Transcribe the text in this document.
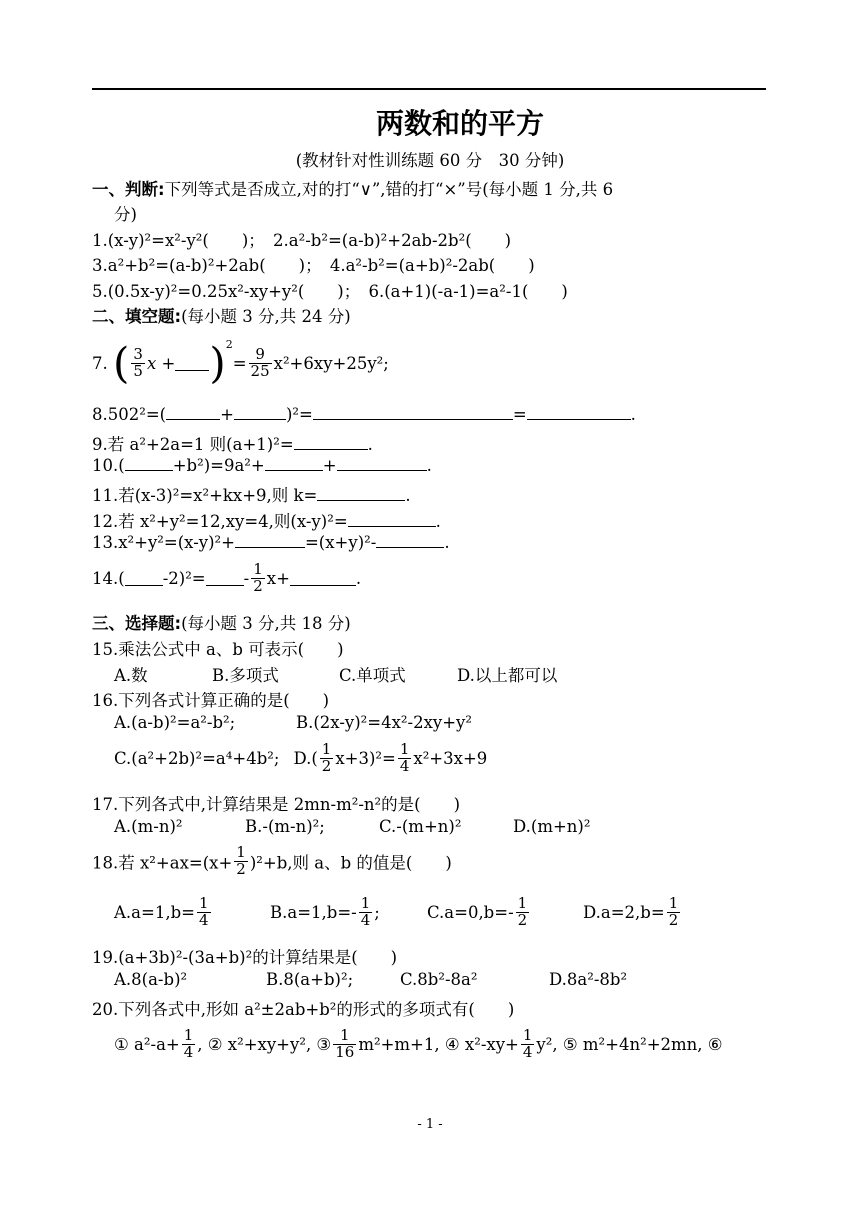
两数和的平方
(教材针对性训练题 60 分　30 分钟)
一、判断:下列等式是否成立,对的打“∨”,错的打“×”号(每小题 1 分,共 6
分)
1.(x-y)²=x²-y²(　　)；　2.a²-b²=(a-b)²+2ab-2b²(　　)
3.a²+b²=(a-b)²+2ab(　　)；　4.a²-b²=(a+b)²-2ab(　　)
5.(0.5x-y)²=0.25x²-xy+y²(　　)；　6.(a+1)(-a-1)=a²-1(　　)
二、填空题:(每小题 3 分,共 24 分)
7. ( $\frac{3}{5}$ $x + )^2= \frac{9}{25} x^2+6xy+25y^2$;
8.502²=(	+	)²=	=	.
9.若 a²+2a=1 则(a+1)²=	.
10.(	+b²)=9a²+	+	.
11.若(x-3)²=x²+kx+9,则 k=	.
12.若 x²+y²=12,xy=4,则(x-y)²=	.
13.x²+y²=(x-y)²+	=(x+y)²-	.
14.( $-2)^2= - \frac{1}{2} x+$	.
三、选择题:(每小题 3 分,共 18 分)
15.乘法公式中 a、b 可表示(　　)
A.数	B.多项式	C.单项式	D.以上都可以
16.下列各式计算正确的是(　　)
A.(a-b)²=a²-b²;	B.(2x-y)²=4x²-2xy+y²
C.(a²+2b)²=a⁴+4b²; $D.( \frac{1}{2} x+3)^2= \frac{1}{4} x^2+3x+9$
17.下列各式中,计算结果是 2mn-m²-n²的是(　　)
A.(m-n)²	B.-(m-n)²;	C.-(m+n)²	D.(m+n)²
18.若 $x^2+ax=(x+ \frac{1}{2} )^2+b$,则 a、b 的值是(　　)
$A.a=1,b= \frac{1}{4}$	$B.a=1,b=- \frac{1}{4}$ ;	$C.a=0,b=- \frac{1}{2}$	$D.a=2,b= \frac{1}{2}$
19.(a+3b)²-(3a+b)²的计算结果是(　　)
A.8(a-b)²	B.8(a+b)²;	C.8b²-8a²	D.8a²-8b²
20.下列各式中,形如 a²±2ab+b²的形式的多项式有(　　)
① $a^2-a+ \frac{1}{4}$ , ② x²+xy+y², ③ $\frac{1}{16} m^2+m+1$, ④ $x^2-xy+ \frac{1}{4} y^2$, ⑤ m²+4n²+2mn, ⑥
- 1 -
